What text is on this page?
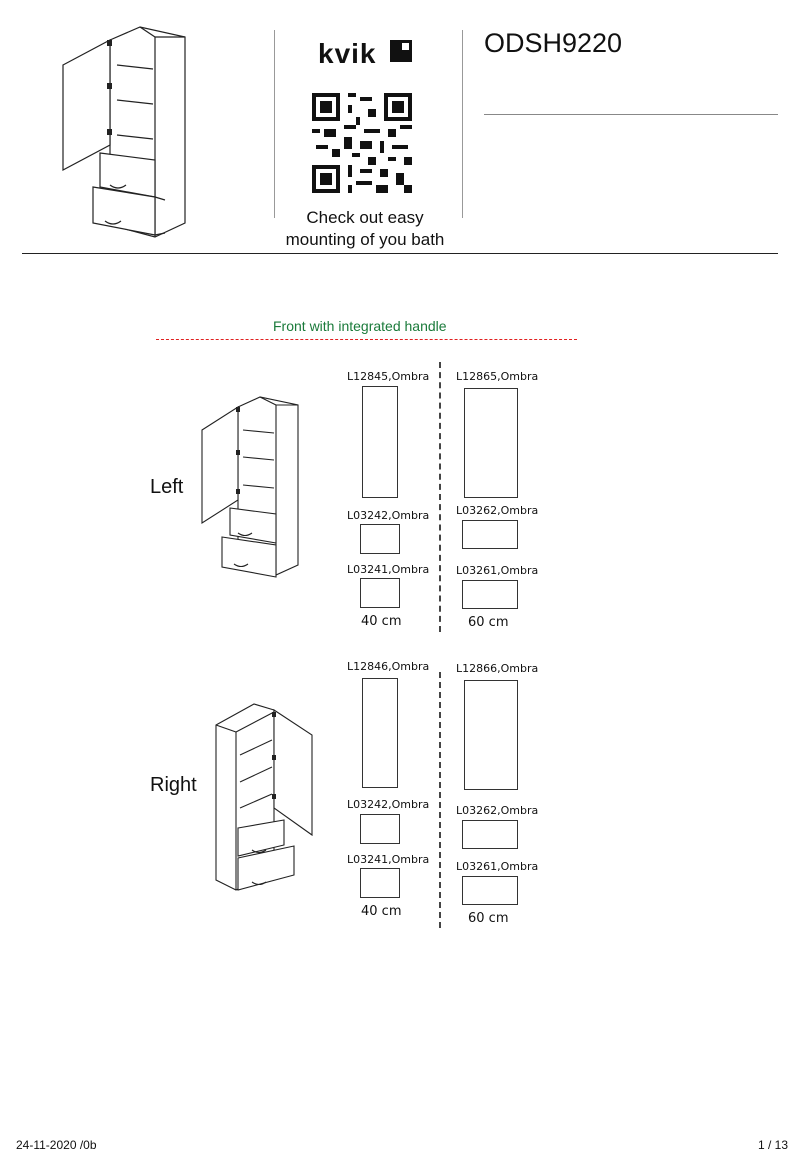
kvik
Check out easy
mounting of you bath
ODSH9220
Front with integrated handle
Left
L12845,Ombra
L03242,Ombra
L03241,Ombra
40 cm
L12865,Ombra
L03262,Ombra
L03261,Ombra
60 cm
Right
L12846,Ombra
L03242,Ombra
L03241,Ombra
40 cm
L12866,Ombra
L03262,Ombra
L03261,Ombra
60 cm
24-11-2020 /0b	1 / 13
